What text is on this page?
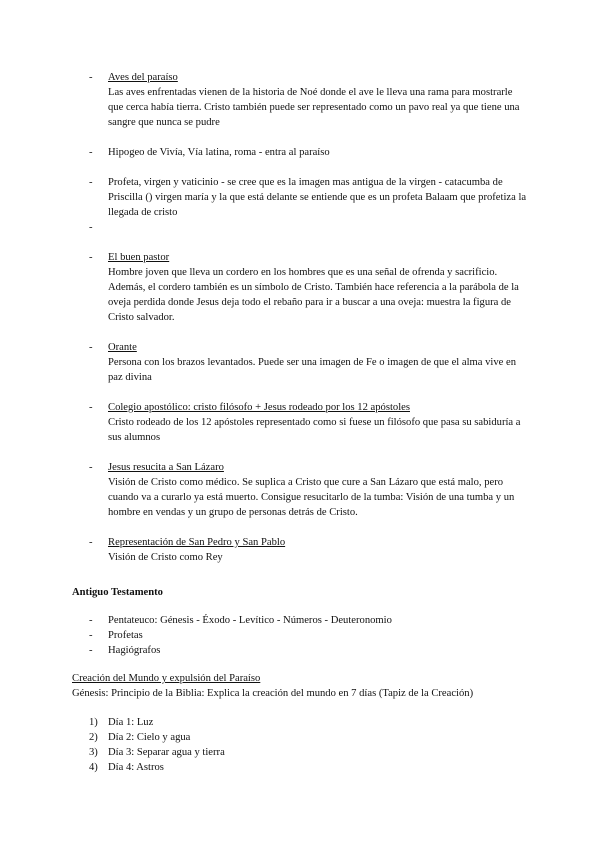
- Aves del paraíso
Las aves enfrentadas vienen de la historia de Noé donde el ave le lleva una rama para mostrarle que cerca había tierra. Cristo también puede ser representado como un pavo real ya que tiene una sangre que nunca se pudre
- Hipogeo de Vivía, Vía latina, roma - entra al paraíso
- Profeta, virgen y vaticinio - se cree que es la imagen mas antigua de la virgen - catacumba de Priscilla () virgen maría y la que está delante se entiende que es un profeta Balaam que profetiza la llegada de cristo
-

- El buen pastor
Hombre joven que lleva un cordero en los hombres que es una señal de ofrenda y sacrificio. Además, el cordero también es un símbolo de Cristo. También hace referencia a la parábola de la oveja perdida donde Jesus deja todo el rebaño para ir a buscar a una oveja: muestra la figura de Cristo salvador.
- Orante
Persona con los brazos levantados. Puede ser una imagen de Fe o imagen de que el alma vive en paz divina
- Colegio apostólico: cristo filósofo + Jesus rodeado por los 12 apóstoles
Cristo rodeado de los 12 apóstoles representado como si fuese un filósofo que pasa su sabiduría a sus alumnos
- Jesus resucita a San Lázaro
Visión de Cristo como médico. Se suplica a Cristo que cure a San Lázaro que está malo, pero cuando va a curarlo ya está muerto. Consigue resucitarlo de la tumba: Visión de una tumba y un hombre en vendas y un grupo de personas detrás de Cristo.
- Representación de San Pedro y San Pablo
Visión de Cristo como Rey
Antiguo Testamento
- Pentateuco: Génesis - Éxodo - Levítico - Números - Deuteronomio
- Profetas
- Hagiógrafos
Creación del Mundo y expulsión del Paraíso
Génesis: Principio de la Biblia: Explica la creación del mundo en 7 días (Tapiz de la Creación)
1) Día 1: Luz
2) Día 2: Cielo y agua
3) Día 3: Separar agua y tierra
4) Día 4: Astros
